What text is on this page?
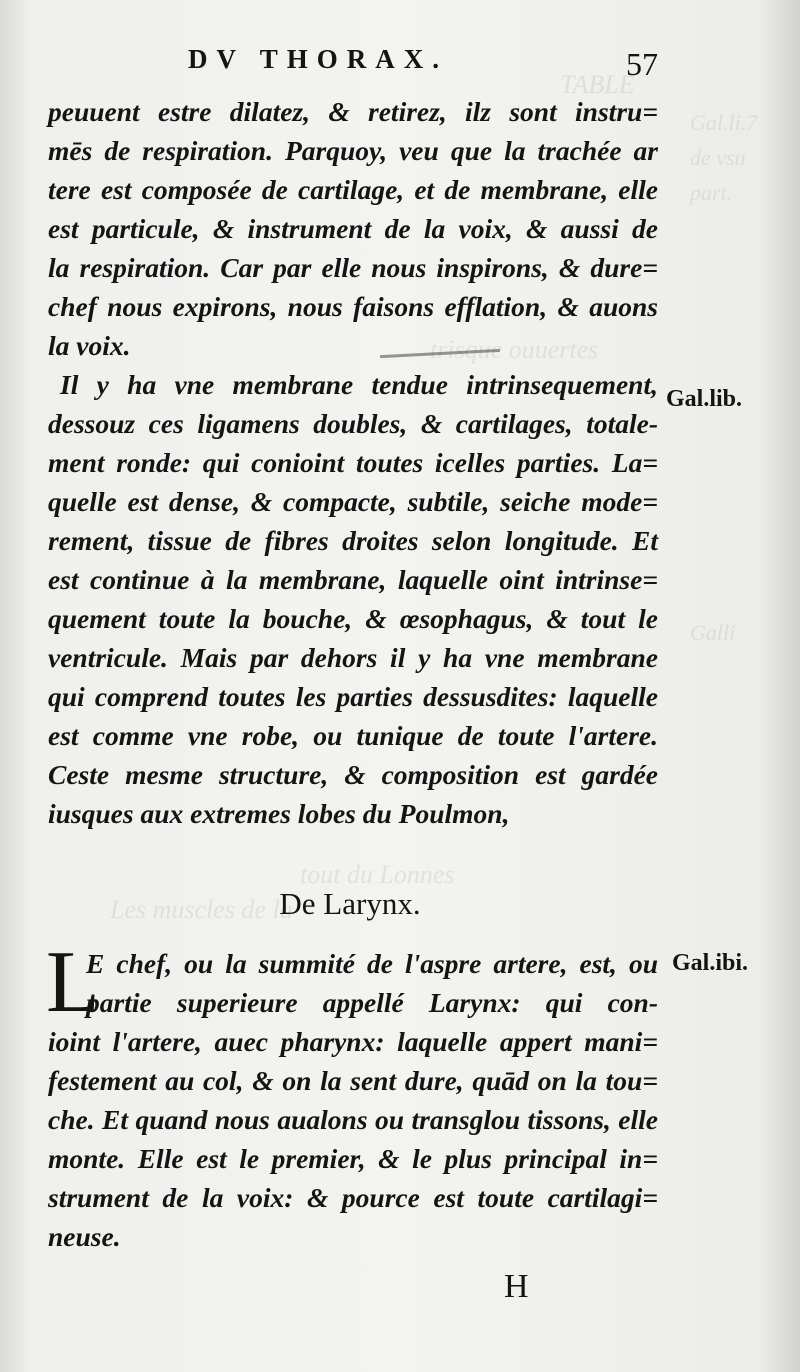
TABLE
Gal.li.7
de vsu
part.
trisque ouuertes
tout du Lonnes
Galli
Les muscles de la
DV THORAX.	57
peuuent estre dilatez, & retirez, ilz sont instru=
mēs de respiration. Parquoy, veu que la trachée ar
tere est composée de cartilage, et de membrane, elle
est particule, & instrument de la voix, & aussi de
la respiration. Car par elle nous inspirons, & dure=
chef nous expirons, nous faisons efflation, & auons
la voix.
Il y ha vne membrane tendue intrinsequement,
dessouz ces ligamens doubles, & cartilages, totale-
ment ronde: qui conioint toutes icelles parties. La=
quelle est dense, & compacte, subtile, seiche mode=
rement, tissue de fibres droites selon longitude. Et
est continue à la membrane, laquelle oint intrinse=
quement toute la bouche, & œsophagus, & tout le
ventricule. Mais par dehors il y ha vne membrane
qui comprend toutes les parties dessusdites: laquelle
est comme vne robe, ou tunique de toute l'artere.
Ceste mesme structure, & composition est gardée
iusques aux extremes lobes du Poulmon,
Gal.lib.
De Larynx.
L
E chef, ou la summité de l'aspre artere, est, ou
partie superieure appellé Larynx: qui con-
ioint l'artere, auec pharynx: laquelle appert mani=
festement au col, & on la sent dure, quād on la tou=
che. Et quand nous aualons ou transglou tissons, elle
monte. Elle est le premier, & le plus principal in=
strument de la voix: & pource est toute cartilagi=
neuse.
Gal.ibi.
H
